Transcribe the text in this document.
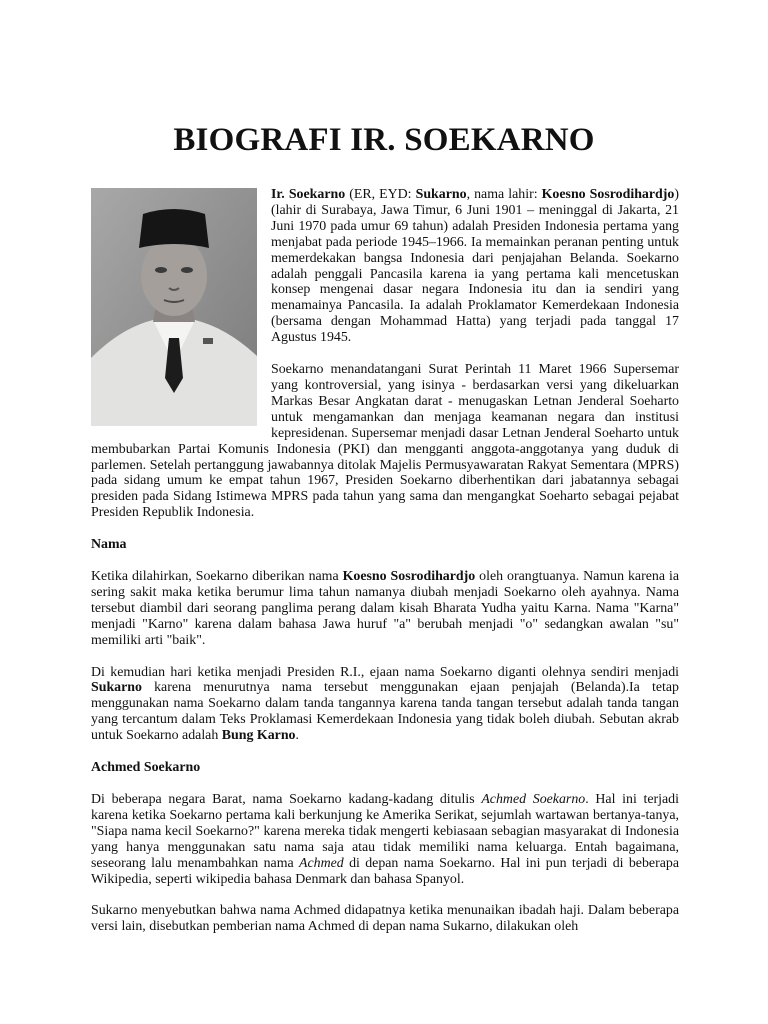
BIOGRAFI IR. SOEKARNO

Ir. Soekarno (ER, EYD: Sukarno, nama lahir: Koesno Sosrodihardjo) (lahir di Surabaya, Jawa Timur, 6 Juni 1901 – meninggal di Jakarta, 21 Juni 1970 pada umur 69 tahun) adalah Presiden Indonesia pertama yang menjabat pada periode 1945–1966. Ia memainkan peranan penting untuk memerdekakan bangsa Indonesia dari penjajahan Belanda. Soekarno adalah penggali Pancasila karena ia yang pertama kali mencetuskan konsep mengenai dasar negara Indonesia itu dan ia sendiri yang menamainya Pancasila. Ia adalah Proklamator Kemerdekaan Indonesia (bersama dengan Mohammad Hatta) yang terjadi pada tanggal 17 Agustus 1945.

Soekarno menandatangani Surat Perintah 11 Maret 1966 Supersemar yang kontroversial, yang isinya - berdasarkan versi yang dikeluarkan Markas Besar Angkatan darat - menugaskan Letnan Jenderal Soeharto untuk mengamankan dan menjaga keamanan negara dan institusi kepresidenan. Supersemar menjadi dasar Letnan Jenderal Soeharto untuk membubarkan Partai Komunis Indonesia (PKI) dan mengganti anggota-anggotanya yang duduk di parlemen. Setelah pertanggung jawabannya ditolak Majelis Permusyawaratan Rakyat Sementara (MPRS) pada sidang umum ke empat tahun 1967, Presiden Soekarno diberhentikan dari jabatannya sebagai presiden pada Sidang Istimewa MPRS pada tahun yang sama dan mengangkat Soeharto sebagai pejabat Presiden Republik Indonesia.

Nama

Ketika dilahirkan, Soekarno diberikan nama Koesno Sosrodihardjo oleh orangtuanya. Namun karena ia sering sakit maka ketika berumur lima tahun namanya diubah menjadi Soekarno oleh ayahnya. Nama tersebut diambil dari seorang panglima perang dalam kisah Bharata Yudha yaitu Karna. Nama "Karna" menjadi "Karno" karena dalam bahasa Jawa huruf "a" berubah menjadi "o" sedangkan awalan "su" memiliki arti "baik".

Di kemudian hari ketika menjadi Presiden R.I., ejaan nama Soekarno diganti olehnya sendiri menjadi Sukarno karena menurutnya nama tersebut menggunakan ejaan penjajah (Belanda).Ia tetap menggunakan nama Soekarno dalam tanda tangannya karena tanda tangan tersebut adalah tanda tangan yang tercantum dalam Teks Proklamasi Kemerdekaan Indonesia yang tidak boleh diubah. Sebutan akrab untuk Soekarno adalah Bung Karno.

Achmed Soekarno

Di beberapa negara Barat, nama Soekarno kadang-kadang ditulis Achmed Soekarno. Hal ini terjadi karena ketika Soekarno pertama kali berkunjung ke Amerika Serikat, sejumlah wartawan bertanya-tanya, "Siapa nama kecil Soekarno?" karena mereka tidak mengerti kebiasaan sebagian masyarakat di Indonesia yang hanya menggunakan satu nama saja atau tidak memiliki nama keluarga. Entah bagaimana, seseorang lalu menambahkan nama Achmed di depan nama Soekarno. Hal ini pun terjadi di beberapa Wikipedia, seperti wikipedia bahasa Denmark dan bahasa Spanyol.

Sukarno menyebutkan bahwa nama Achmed didapatnya ketika menunaikan ibadah haji. Dalam beberapa versi lain, disebutkan pemberian nama Achmed di depan nama Sukarno, dilakukan oleh
